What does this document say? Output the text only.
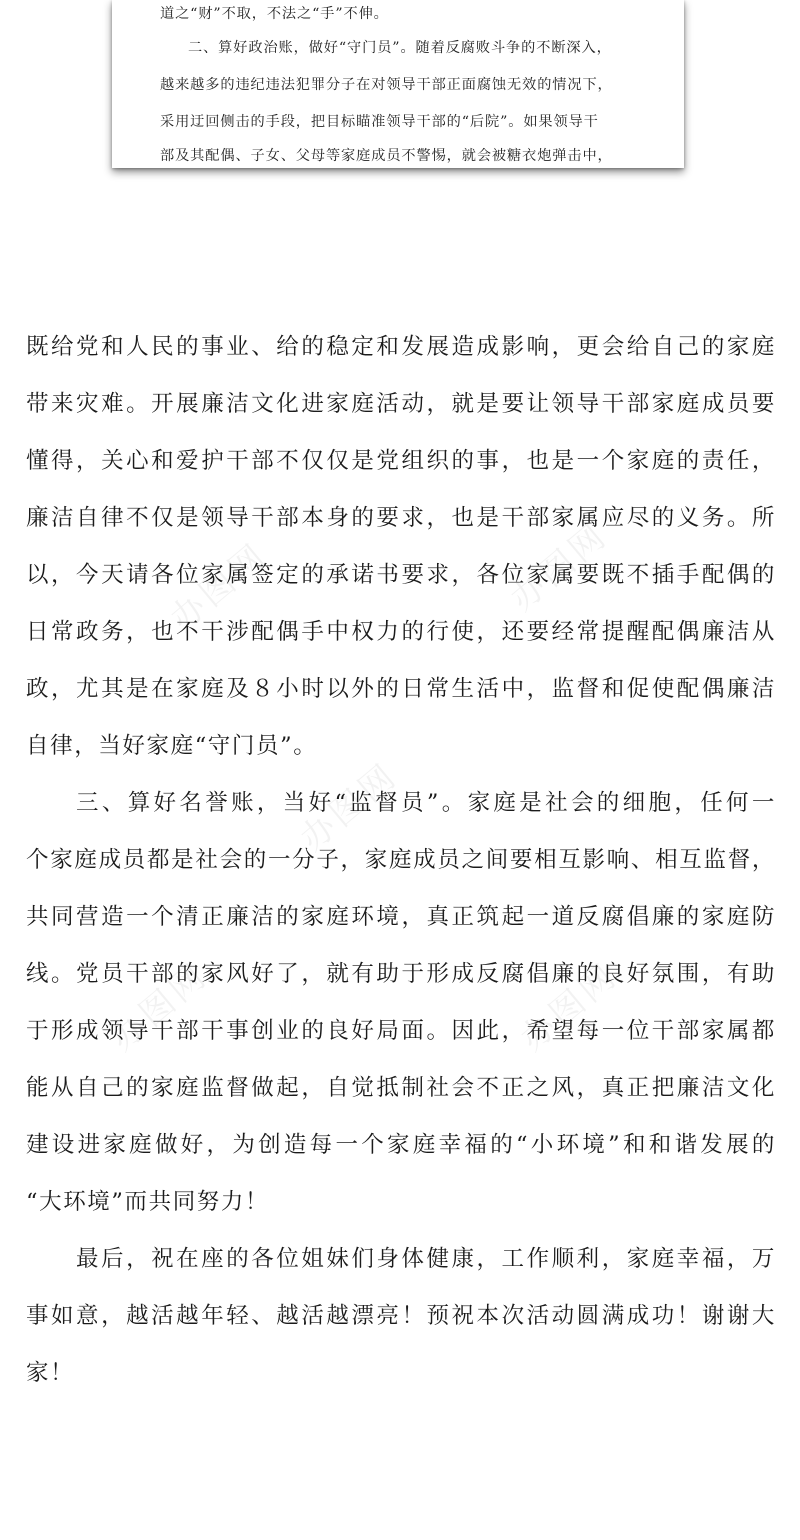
道之“财”不取，不法之“手”不伸。
二、算好政治账，做好“守门员”。随着反腐败斗争的不断深入，
越来越多的违纪违法犯罪分子在对领导干部正面腐蚀无效的情况下，
采用迂回侧击的手段，把目标瞄准领导干部的“后院”。如果领导干
部及其配偶、子女、父母等家庭成员不警惕，就会被糖衣炮弹击中，
办图网	办图网
办图网
办图网	办图网
既给党和人民的事业、给的稳定和发展造成影响，更会给自己的家庭
带来灾难。开展廉洁文化进家庭活动，就是要让领导干部家庭成员要
懂得，关心和爱护干部不仅仅是党组织的事，也是一个家庭的责任，
廉洁自律不仅是领导干部本身的要求，也是干部家属应尽的义务。所
以，今天请各位家属签定的承诺书要求，各位家属要既不插手配偶的
日常政务，也不干涉配偶手中权力的行使，还要经常提醒配偶廉洁从
政，尤其是在家庭及８小时以外的日常生活中，监督和促使配偶廉洁
自律，当好家庭“守门员”。
三、算好名誉账，当好“监督员”。家庭是社会的细胞，任何一
个家庭成员都是社会的一分子，家庭成员之间要相互影响、相互监督，
共同营造一个清正廉洁的家庭环境，真正筑起一道反腐倡廉的家庭防
线。党员干部的家风好了，就有助于形成反腐倡廉的良好氛围，有助
于形成领导干部干事创业的良好局面。因此，希望每一位干部家属都
能从自己的家庭监督做起，自觉抵制社会不正之风，真正把廉洁文化
建设进家庭做好，为创造每一个家庭幸福的“小环境”和和谐发展的
“大环境”而共同努力！
最后，祝在座的各位姐妹们身体健康，工作顺利，家庭幸福，万
事如意，越活越年轻、越活越漂亮！预祝本次活动圆满成功！谢谢大
家！
